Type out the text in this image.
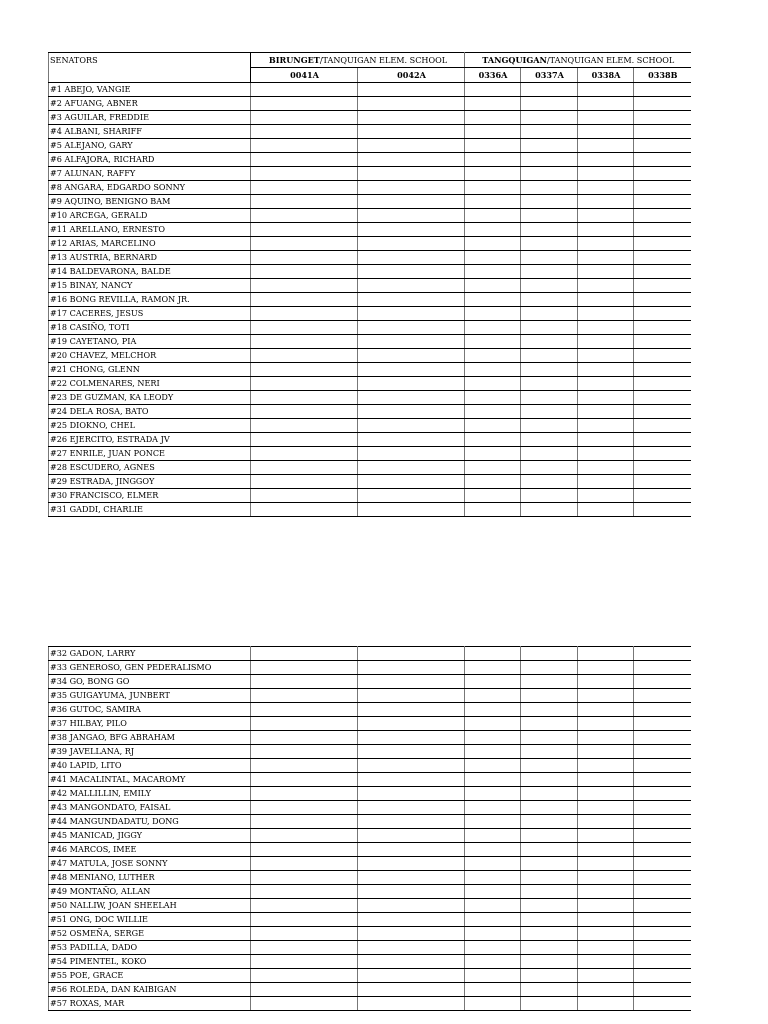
SENATORS	BIRUNGET/TANQUIGAN ELEM. SCHOOL		TANGQUIGAN/TANQUIGAN ELEM. SCHOOL			
	0041A	0042A	0336A	0337A	0338A	0338B
#1 ABEJO, VANGIE						
#2 AFUANG, ABNER						
#3 AGUILAR, FREDDIE						
#4 ALBANI, SHARIFF						
#5 ALEJANO, GARY						
#6 ALFAJORA, RICHARD						
#7 ALUNAN, RAFFY						
#8 ANGARA, EDGARDO SONNY						
#9 AQUINO, BENIGNO BAM						
#10 ARCEGA, GERALD						
#11 ARELLANO, ERNESTO						
#12 ARIAS, MARCELINO						
#13 AUSTRIA, BERNARD						
#14 BALDEVARONA, BALDE						
#15 BINAY, NANCY						
#16 BONG REVILLA, RAMON JR.						
#17 CACERES, JESUS						
#18 CASIÑO, TOTI						
#19 CAYETANO, PIA						
#20 CHAVEZ, MELCHOR						
#21 CHONG, GLENN						
#22 COLMENARES, NERI						
#23 DE GUZMAN, KA LEODY						
#24 DELA ROSA, BATO						
#25 DIOKNO, CHEL						
#26 EJERCITO, ESTRADA JV						
#27 ENRILE, JUAN PONCE						
#28 ESCUDERO, AGNES						
#29 ESTRADA, JINGGOY						
#30 FRANCISCO, ELMER						
#31 GADDI, CHARLIE						
#32 GADON, LARRY						
#33 GENEROSO, GEN PEDERALISMO						
#34 GO, BONG GO						
#35 GUIGAYUMA, JUNBERT						
#36 GUTOC, SAMIRA						
#37 HILBAY, PILO						
#38 JANGAO, BFG ABRAHAM						
#39 JAVELLANA, RJ						
#40 LAPID, LITO						
#41 MACALINTAL, MACAROMY						
#42 MALLILLIN, EMILY						
#43 MANGONDATO, FAISAL						
#44 MANGUNDADATU, DONG						
#45 MANICAD, JIGGY						
#46 MARCOS, IMEE						
#47 MATULA, JOSE SONNY						
#48 MENIANO, LUTHER						
#49 MONTAÑO, ALLAN						
#50 NALLIW, JOAN SHEELAH						
#51 ONG, DOC WILLIE						
#52 OSMEÑA, SERGE						
#53 PADILLA, DADO						
#54 PIMENTEL, KOKO						
#55 POE, GRACE						
#56 ROLEDA, DAN KAIBIGAN						
#57 ROXAS, MAR						
